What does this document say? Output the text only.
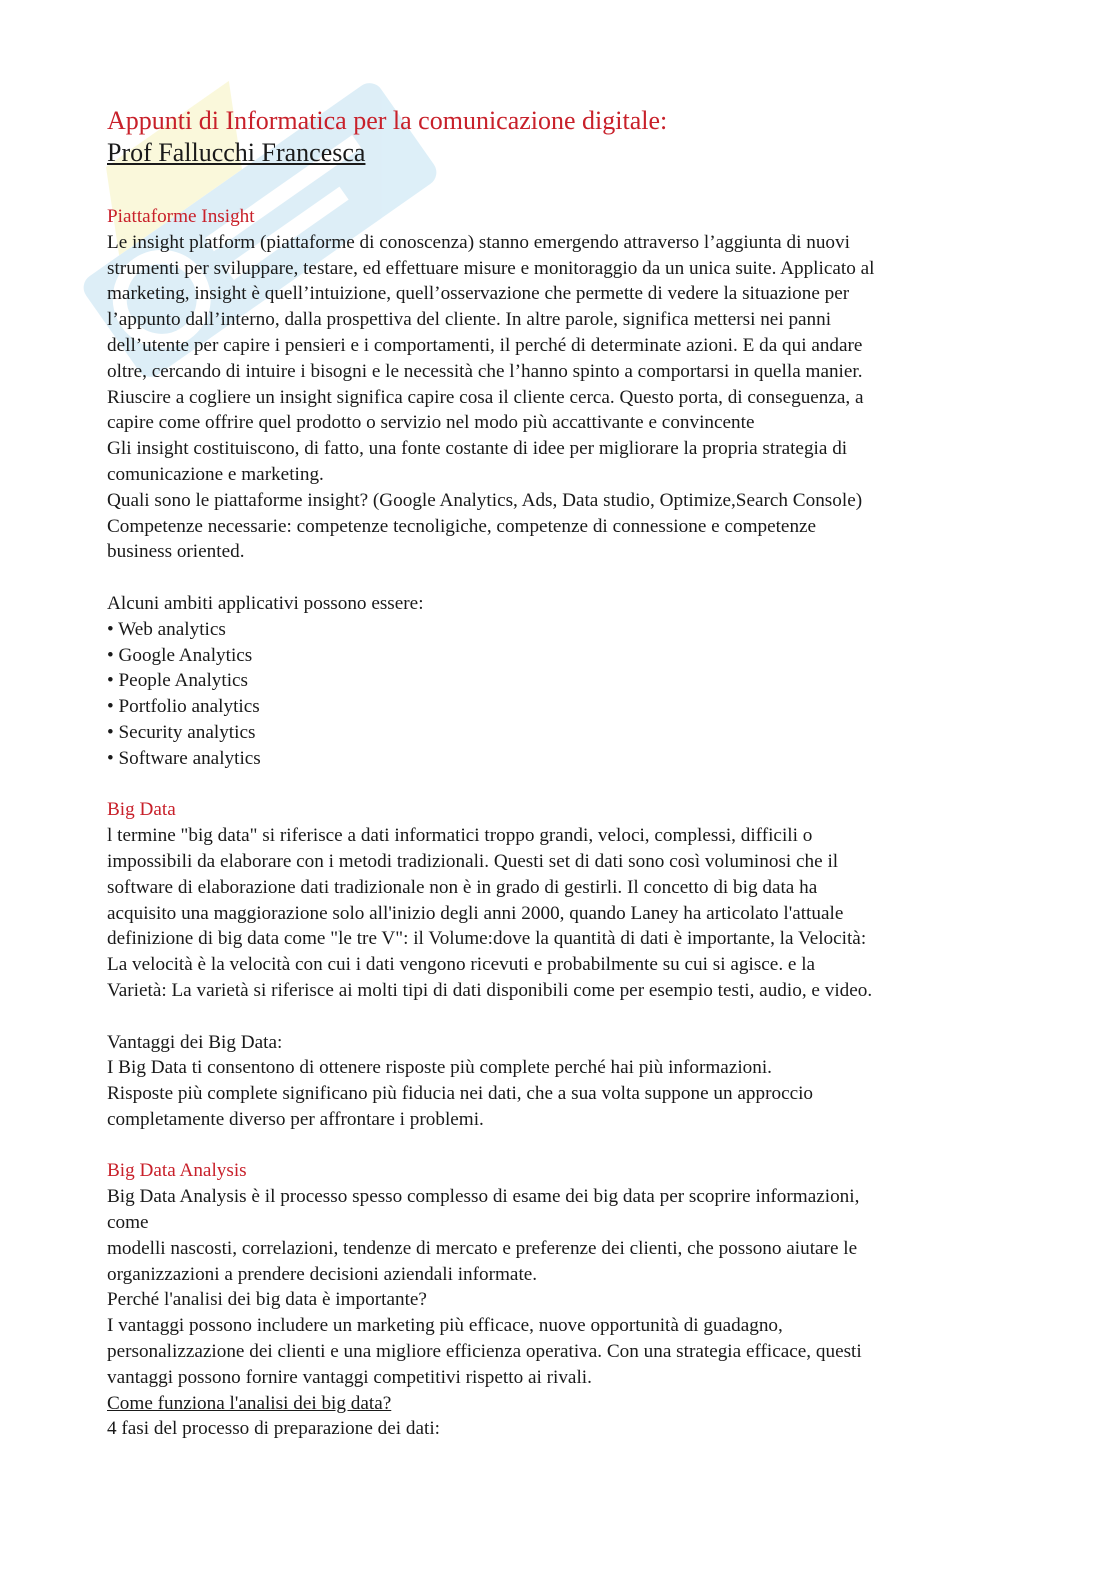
Appunti di Informatica per la comunicazione digitale:
Prof Fallucchi Francesca
Piattaforme Insight
Le insight platform (piattaforme di conoscenza) stanno emergendo attraverso l’aggiunta di nuovi
strumenti per sviluppare, testare, ed effettuare misure e monitoraggio da un unica suite. Applicato al
marketing, insight è quell’intuizione, quell’osservazione che permette di vedere la situazione per
l’appunto dall’interno, dalla prospettiva del cliente. In altre parole, significa mettersi nei panni
dell’utente per capire i pensieri e i comportamenti, il perché di determinate azioni. E da qui andare
oltre, cercando di intuire i bisogni e le necessità che l’hanno spinto a comportarsi in quella manier.
Riuscire a cogliere un insight significa capire cosa il cliente cerca. Questo porta, di conseguenza, a
capire come offrire quel prodotto o servizio nel modo più accattivante e convincente
Gli insight costituiscono, di fatto, una fonte costante di idee per migliorare la propria strategia di
comunicazione e marketing.
Quali sono le piattaforme insight? (Google Analytics, Ads, Data studio, Optimize,Search Console)
Competenze necessarie: competenze tecnoligiche, competenze di connessione e competenze
business oriented.
Alcuni ambiti applicativi possono essere:
• Web analytics
• Google Analytics
• People Analytics
• Portfolio analytics
• Security analytics
• Software analytics
Big Data
l termine "big data" si riferisce a dati informatici troppo grandi, veloci, complessi, difficili o
impossibili da elaborare con i metodi tradizionali. Questi set di dati sono così voluminosi che il
software di elaborazione dati tradizionale non è in grado di gestirli. Il concetto di big data ha
acquisito una maggiorazione solo all'inizio degli anni 2000, quando Laney ha articolato l'attuale
definizione di big data come "le tre V": il Volume:dove la quantità di dati è importante, la Velocità:
La velocità è la velocità con cui i dati vengono ricevuti e probabilmente su cui si agisce. e la
Varietà: La varietà si riferisce ai molti tipi di dati disponibili come per esempio testi, audio, e video.
Vantaggi dei Big Data:
I Big Data ti consentono di ottenere risposte più complete perché hai più informazioni.
Risposte più complete significano più fiducia nei dati, che a sua volta suppone un approccio
completamente diverso per affrontare i problemi.
Big Data Analysis
Big Data Analysis è il processo spesso complesso di esame dei big data per scoprire informazioni,
come
modelli nascosti, correlazioni, tendenze di mercato e preferenze dei clienti, che possono aiutare le
organizzazioni a prendere decisioni aziendali informate.
Perché l'analisi dei big data è importante?
I vantaggi possono includere un marketing più efficace, nuove opportunità di guadagno,
personalizzazione dei clienti e una migliore efficienza operativa. Con una strategia efficace, questi
vantaggi possono fornire vantaggi competitivi rispetto ai rivali.
Come funziona l'analisi dei big data?
4 fasi del processo di preparazione dei dati:
